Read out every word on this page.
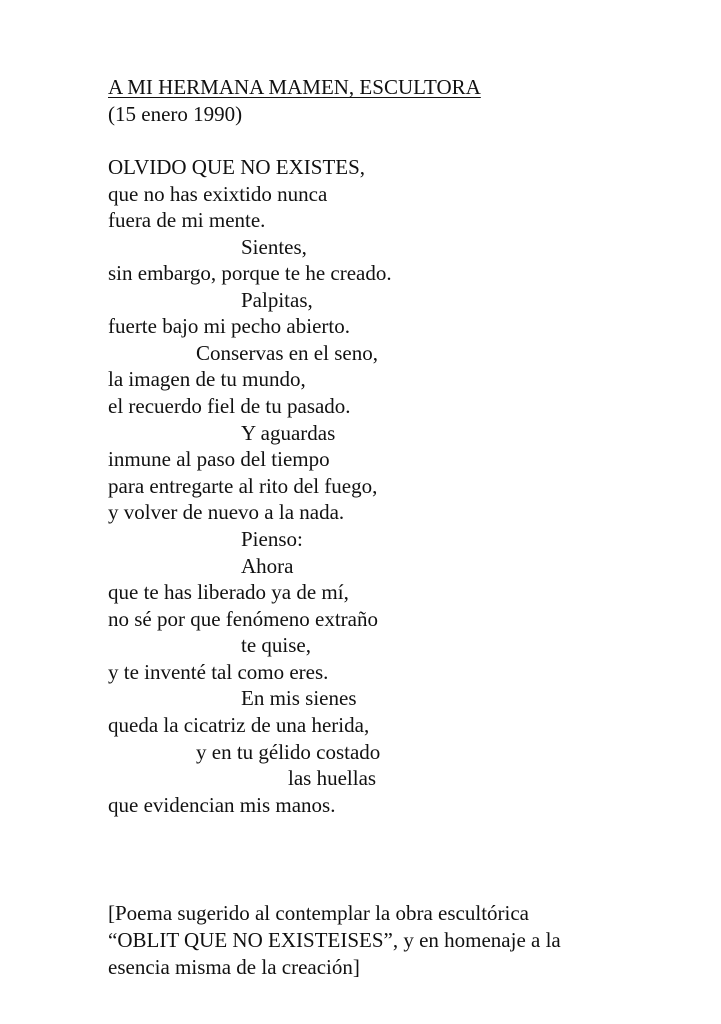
A MI HERMANA MAMEN, ESCULTORA

(15 enero 1990)

OLVIDO QUE NO EXISTES,

que no has exixtido nunca

fuera de mi mente.

Sientes,

sin embargo, porque te he creado.

Palpitas,

fuerte bajo mi pecho abierto.

Conservas en el seno,

la imagen de tu mundo,

el recuerdo fiel de tu pasado.

Y aguardas

inmune al paso del tiempo

para entregarte al rito del fuego,

y volver de nuevo a la nada.

Pienso:

Ahora

que te has liberado ya de mí,

no sé por que fenómeno extraño

te quise,

y te inventé tal como eres.

En mis sienes

queda la cicatriz de una herida,

y en tu gélido costado

las huellas

que evidencian mis manos.

[Poema sugerido al contemplar la obra escultórica

“OBLIT QUE NO EXISTEISES”, y en homenaje a la

esencia misma de la creación]
